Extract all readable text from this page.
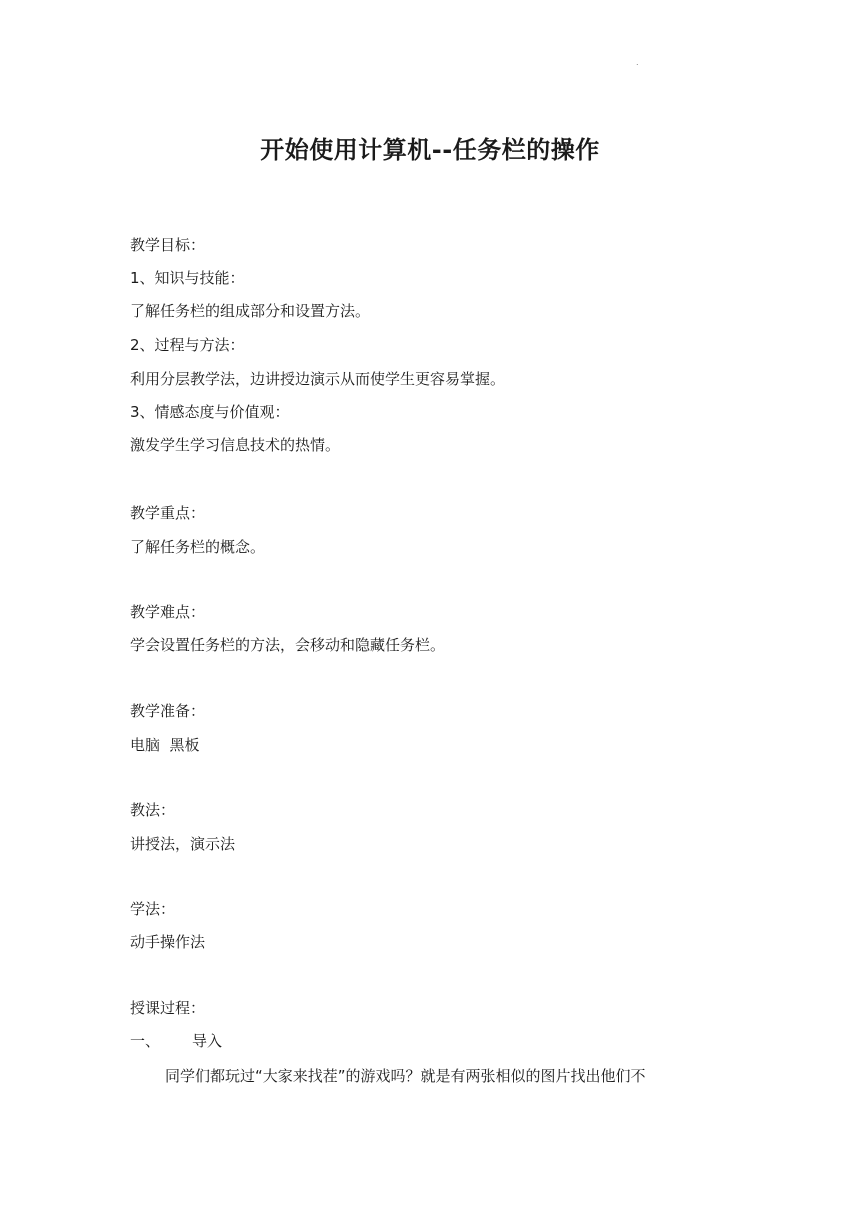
.
开始使用计算机--任务栏的操作
教学目标：
1、知识与技能：
了解任务栏的组成部分和设置方法。
2、过程与方法：
利用分层教学法，边讲授边演示从而使学生更容易掌握。
3、情感态度与价值观：
激发学生学习信息技术的热情。
教学重点：
了解任务栏的概念。
教学难点：
学会设置任务栏的方法，会移动和隐藏任务栏。
教学准备：
电脑  黑板
教法：
讲授法，演示法
学法：
动手操作法
授课过程：
一、 导入
同学们都玩过“大家来找茬”的游戏吗？就是有两张相似的图片找出他们不
